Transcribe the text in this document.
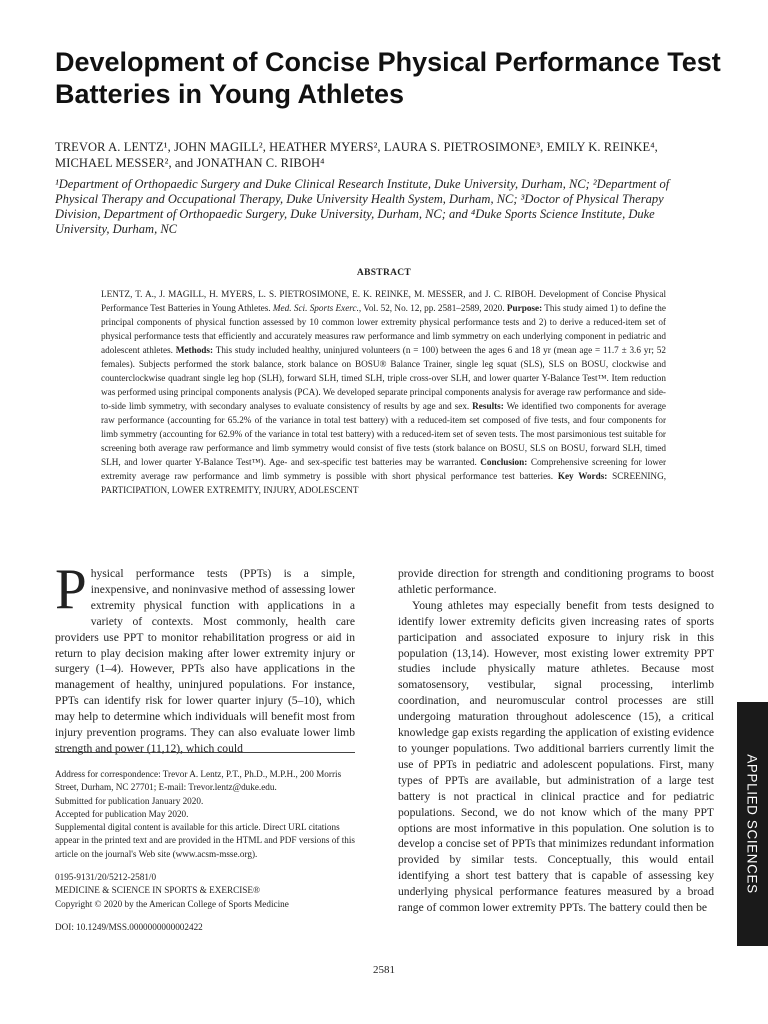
Development of Concise Physical Performance Test Batteries in Young Athletes
TREVOR A. LENTZ¹, JOHN MAGILL², HEATHER MYERS², LAURA S. PIETROSIMONE³, EMILY K. REINKE⁴,
MICHAEL MESSER², and JONATHAN C. RIBOH⁴
¹Department of Orthopaedic Surgery and Duke Clinical Research Institute, Duke University, Durham, NC; ²Department of Physical Therapy and Occupational Therapy, Duke University Health System, Durham, NC; ³Doctor of Physical Therapy Division, Department of Orthopaedic Surgery, Duke University, Durham, NC; and ⁴Duke Sports Science Institute, Duke University, Durham, NC
ABSTRACT
LENTZ, T. A., J. MAGILL, H. MYERS, L. S. PIETROSIMONE, E. K. REINKE, M. MESSER, and J. C. RIBOH. Development of Concise Physical Performance Test Batteries in Young Athletes. Med. Sci. Sports Exerc., Vol. 52, No. 12, pp. 2581–2589, 2020. Purpose: This study aimed 1) to define the principal components of physical function assessed by 10 common lower extremity physical performance tests and 2) to derive a reduced-item set of physical performance tests that efficiently and accurately measures raw performance and limb symmetry on each underlying component in pediatric and adolescent athletes. Methods: This study included healthy, uninjured volunteers (n = 100) between the ages 6 and 18 yr (mean age = 11.7 ± 3.6 yr; 52 females). Subjects performed the stork balance, stork balance on BOSU® Balance Trainer, single leg squat (SLS), SLS on BOSU, clockwise and counterclockwise quadrant single leg hop (SLH), forward SLH, timed SLH, triple cross-over SLH, and lower quarter Y-Balance Test™. Item reduction was performed using principal components analysis (PCA). We developed separate principal components analysis for average raw performance and side-to-side limb symmetry, with secondary analyses to evaluate consistency of results by age and sex. Results: We identified two components for average raw performance (accounting for 65.2% of the variance in total test battery) with a reduced-item set composed of five tests, and four components for limb symmetry (accounting for 62.9% of the variance in total test battery) with a reduced-item set of seven tests. The most parsimonious test suitable for screening both average raw performance and limb symmetry would consist of five tests (stork balance on BOSU, SLS on BOSU, forward SLH, timed SLH, and lower quarter Y-Balance Test™). Age- and sex-specific test batteries may be warranted. Conclusion: Comprehensive screening for lower extremity average raw performance and limb symmetry is possible with short physical performance test batteries. Key Words: SCREENING, PARTICIPATION, LOWER EXTREMITY, INJURY, ADOLESCENT
Physical performance tests (PPTs) is a simple, inexpensive, and noninvasive method of assessing lower extremity physical function with applications in a variety of contexts. Most commonly, health care providers use PPT to monitor rehabilitation progress or aid in return to play decision making after lower extremity injury or surgery (1–4). However, PPTs also have applications in the management of healthy, uninjured populations. For instance, PPTs can identify risk for lower quarter injury (5–10), which may help to determine which individuals will benefit most from injury prevention programs. They can also evaluate lower limb strength and power (11,12), which could

Address for correspondence: Trevor A. Lentz, P.T., Ph.D., M.P.H., 200 Morris Street, Durham, NC 27701; E-mail: Trevor.lentz@duke.edu.

Submitted for publication January 2020.

Accepted for publication May 2020.

Supplemental digital content is available for this article. Direct URL citations appear in the printed text and are provided in the HTML and PDF versions of this article on the journal's Web site (www.acsm-msse.org).

0195-9131/20/5212-2581/0

MEDICINE & SCIENCE IN SPORTS & EXERCISE®

Copyright © 2020 by the American College of Sports Medicine

DOI: 10.1249/MSS.0000000000002422

provide direction for strength and conditioning programs to boost athletic performance.

Young athletes may especially benefit from tests designed to identify lower extremity deficits given increasing rates of sports participation and associated exposure to injury risk in this population (13,14). However, most existing lower extremity PPT studies include physically mature athletes. Because most somatosensory, vestibular, signal processing, interlimb coordination, and neuromuscular control processes are still undergoing maturation throughout adolescence (15), a critical knowledge gap exists regarding the application of existing evidence to younger populations. Two additional barriers currently limit the use of PPTs in pediatric and adolescent populations. First, many types of PPTs are available, but administration of a large test battery is not practical in clinical practice and for pediatric populations. Second, we do not know which of the many PPT options are most informative in this population. One solution is to develop a concise set of PPTs that minimizes redundant information provided by similar tests. Conceptually, this would entail identifying a short test battery that is capable of assessing key underlying physical performance features measured by a broad range of common lower extremity PPTs. The battery could then be

APPLIED SCIENCES
2581
